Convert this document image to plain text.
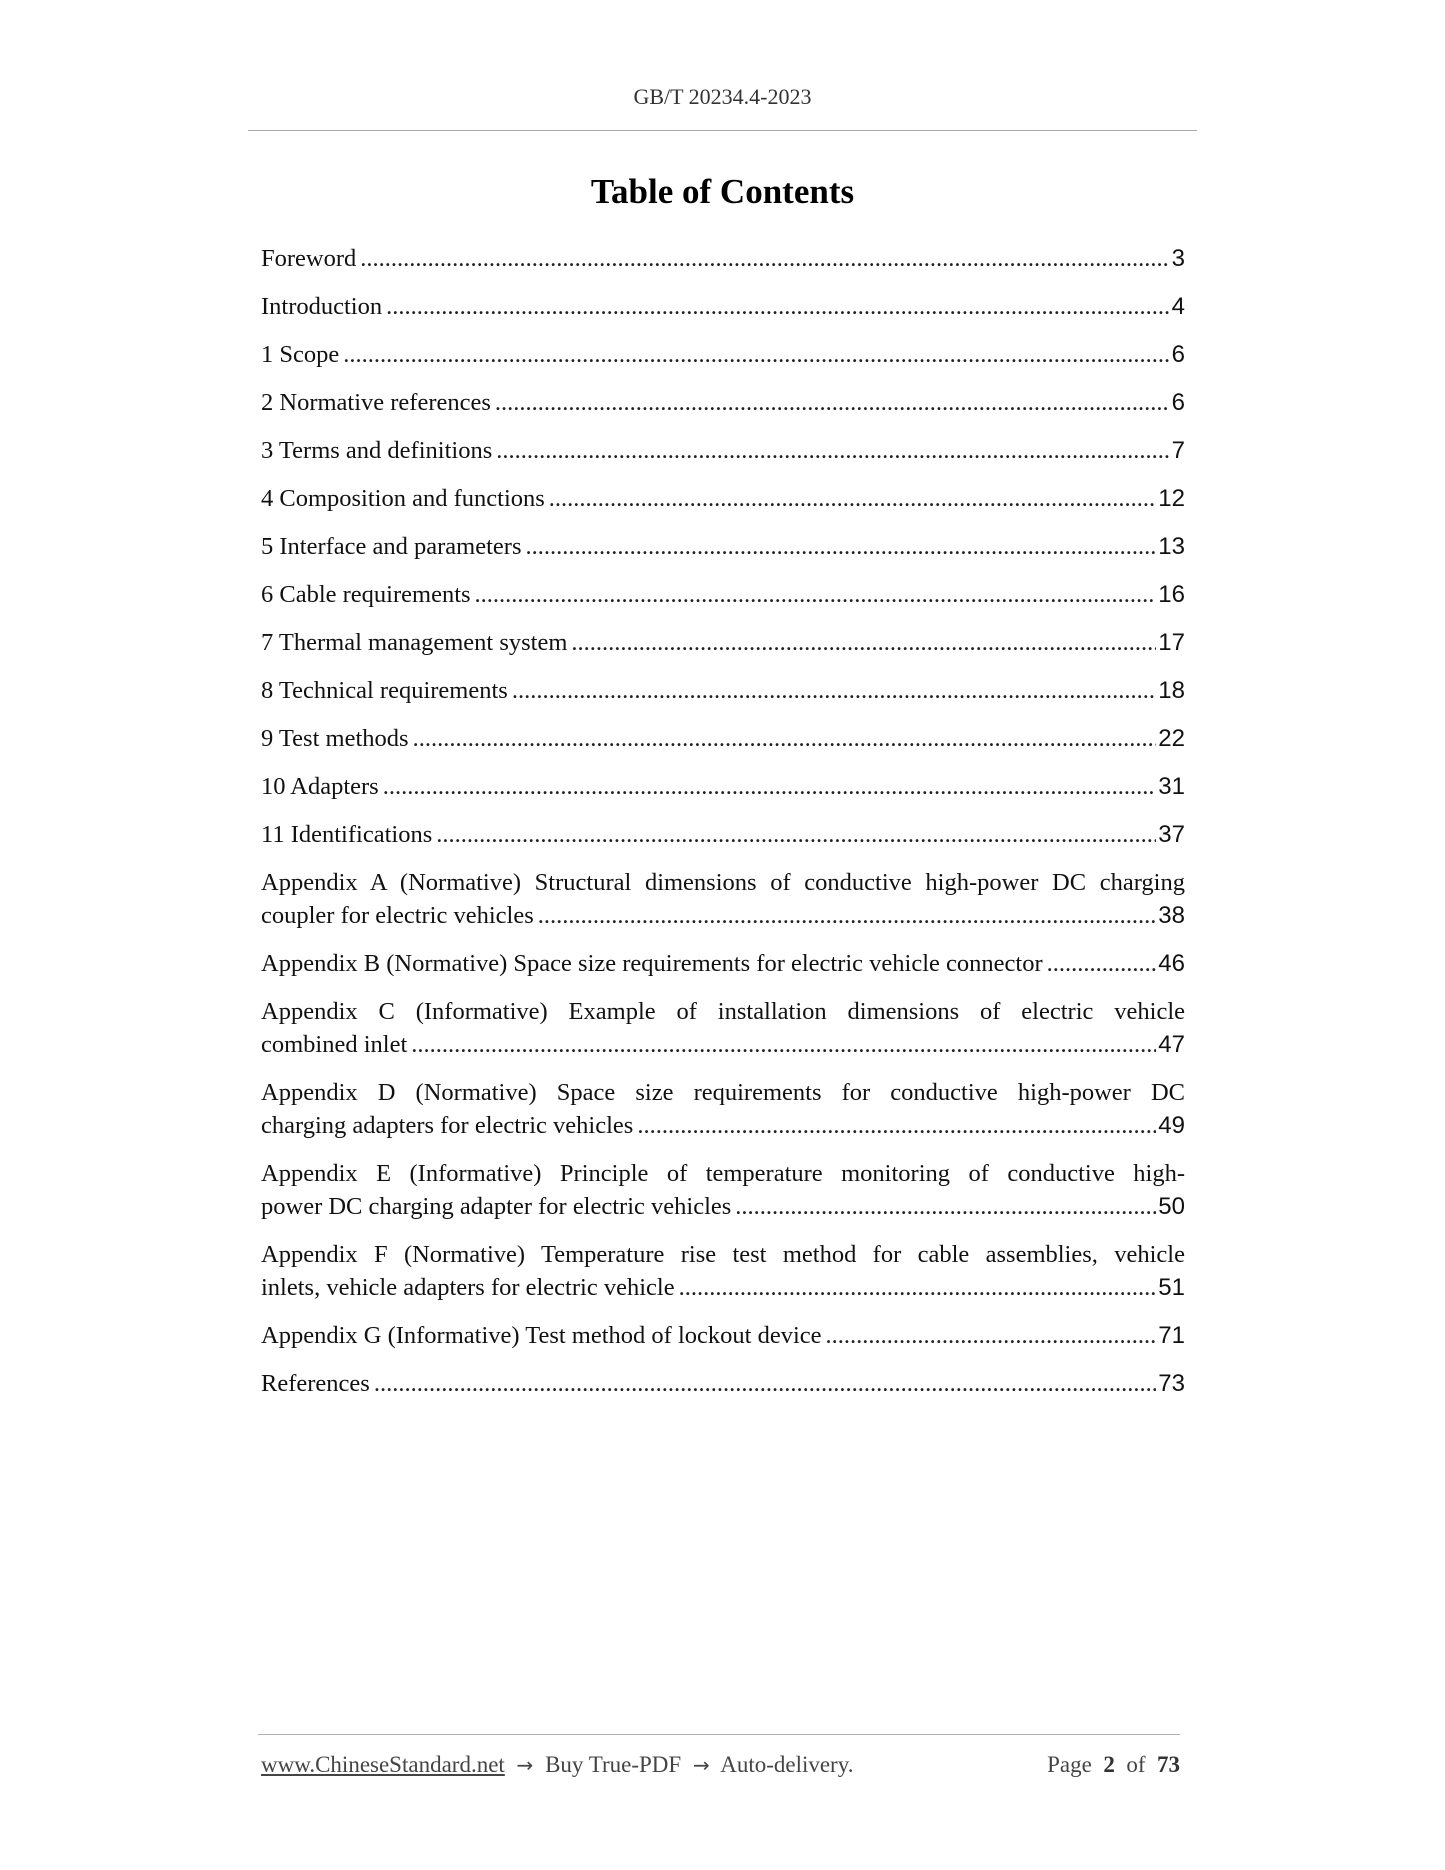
GB/T 20234.4-2023
Table of Contents
Foreword .....	3
Introduction .....	4
1 Scope .....	6
2 Normative references .....	6
3 Terms and definitions .....	7
4 Composition and functions .....	12
5 Interface and parameters .....	13
6 Cable requirements .....	16
7 Thermal management system .....	17
8 Technical requirements .....	18
9 Test methods .....	22
10 Adapters .....	31
11 Identifications .....	37
Appendix A (Normative) Structural dimensions of conductive high-power DC charging
coupler for electric vehicles .....	38
Appendix B (Normative) Space size requirements for electric vehicle connector .....	46
Appendix C (Informative) Example of installation dimensions of electric vehicle
combined inlet .....	47
Appendix D (Normative) Space size requirements for conductive high-power DC
charging adapters for electric vehicles .....	49
Appendix E (Informative) Principle of temperature monitoring of conductive high-
power DC charging adapter for electric vehicles .....	50
Appendix F (Normative) Temperature rise test method for cable assemblies, vehicle
inlets, vehicle adapters for electric vehicle .....	51
Appendix G (Informative) Test method of lockout device .....	71
References .....	73
www.ChineseStandard.net → Buy True-PDF → Auto-delivery.	Page 2 of 73
